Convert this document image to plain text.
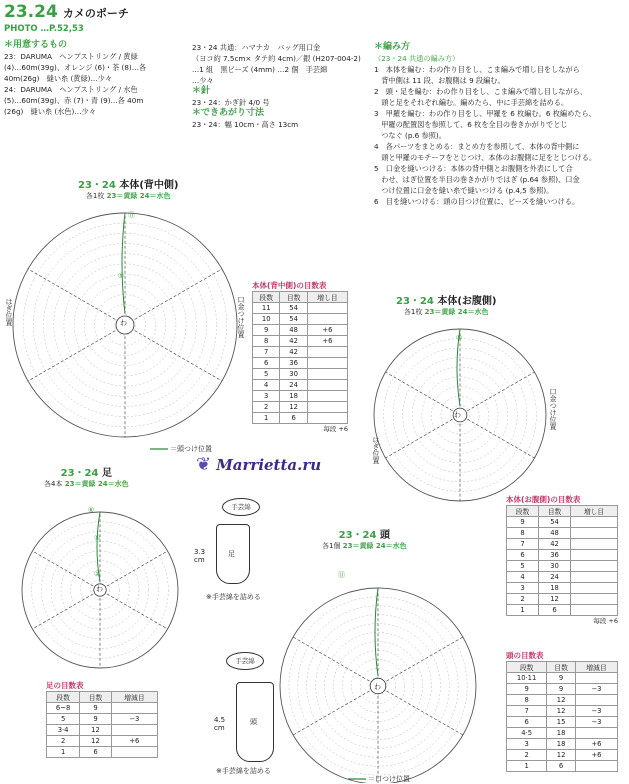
23.24 カメのポーチ
PHOTO …P.52,53
＊用意するもの
23：DARUMA　ヘンプストリング / 黄緑
(4)…60m(39g)、オレンジ (6)・茶 (8)…各
40m(26g)　縫い糸 (黄緑)…少々
24：DARUMA　ヘンプストリング / 水色
(5)…60m(39g)、赤 (7)・青 (9)…各 40m
(26g)　縫い糸 (水色)…少々
23・24 共通：ハマナカ　バッグ用口金
（ヨコ約 7.5cm× タテ約 4cm)／銀 (H207-004-2)
…1 組　黒ビーズ (4mm) …2 個　手芸綿
…少々
＊針
23・24：かぎ針 4/0 号
＊できあがり寸法
23・24：幅 10cm・高さ 13cm
＊編み方
（23・24 共通の編み方）
1　本体を編む：わの作り目をし、こま編みで増し目をしながら
　背中側は 11 段、お腹側は 9 段編む。
2　頭・足を編む：わの作り目をし、こま編みで増し目しながら、
　頭と足をそれぞれ編む。編めたら、中に手芸綿を詰める。
3　甲羅を編む：わの作り目をし、甲羅を 6 枚編む。6 枚編めたら、
　甲羅の配置図を参照して、6 枚を全目の巻きかがりでとじ
　つなぐ (p.6 参照)。
4　各パーツをまとめる：まとめ方を参照して、本体の背中側に
　頭と甲羅のモチーフをとじつけ、本体のお腹側に足をとじつける。
5　口金を縫いつける：本体の背中側とお腹側を外表にして合
　わせ、はぎ位置を半目の巻きかがりではぎ (p.64 参照)、口金
　つけ位置に口金を縫い糸で縫いつける (p.4,5 参照)。
6　目を縫いつける：頭の目つけ位置に、ビーズを縫いつける。
23・24 本体(背中側)
各1枚 23＝黄緑 24＝水色
23・24 本体(お腹側)
各1枚 23＝黄緑 24＝水色
23・24 足
各4本 23＝黄緑 24＝水色
23・24 頭
各1個 23＝黄緑 24＝水色
はぎ位置	口金つけ位置
はぎ位置
口金つけ位置
＝頭つけ位置
＝口つけ位置
わ
わ
わ
わ
⑪
⑨
⑥
⑪
⑤
⑤
①
本体(背中側)の目数表
段数	目数	増し目
11	54	
10	54	
9	48	+6
8	42	+6
7	42	
6	36	
5	30	
4	24	
3	18	
2	12	
1	6	
毎段 +6
本体(お腹側)の目数表
段数	目数	増し目
9	54	
8	48	
7	42	
6	36	
5	30	
4	24	
3	18	
2	12	
1	6	
毎段 +6
足の目数表
段数	目数	増減目
6~8	9	
5	9	−3
3·4	12	
2	12	+6
1	6	
頭の目数表
段数	目数	増減目
10·11	9	
9	9	−3
8	12	
7	12	−3
6	15	−3
4·5	18	
3	18	+6
2	12	+6
1	6	
手芸綿
足
3.3
cm
※手芸綿を詰める
手芸綿
頭
4.5
cm
※手芸綿を詰める
❦ Marrietta.ru
